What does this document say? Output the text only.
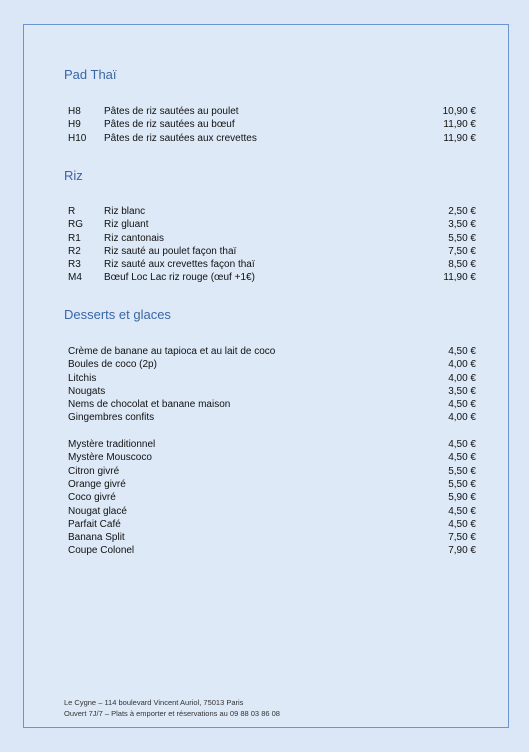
Pad Thaï
H8 Pâtes de riz sautées au poulet	10,90 €
H9 Pâtes de riz sautées au bœuf	11,90 €
H10 Pâtes de riz sautées aux crevettes	11,90 €
Riz
R	Riz blanc	2,50 €
RG Riz gluant	3,50 €
R1 Riz cantonais	5,50 €
R2 Riz sauté au poulet façon thaï	7,50 €
R3 Riz sauté aux crevettes façon thaï	8,50 €
M4 Bœuf Loc Lac riz rouge (œuf +1€)	11,90 €
Desserts et glaces
Crème de banane au tapioca et au lait de coco	4,50 €
Boules de coco (2p)	4,00 €
Litchis	4,00 €
Nougats	3,50 €
Nems de chocolat et banane maison	4,50 €
Gingembres confits	4,00 €
Mystère traditionnel	4,50 €
Mystère Mouscoco	4,50 €
Citron givré	5,50 €
Orange givré	5,50 €
Coco givré	5,90 €
Nougat glacé	4,50 €
Parfait Café	4,50 €
Banana Split	7,50 €
Coupe Colonel	7,90 €
Le Cygne – 114 boulevard Vincent Auriol, 75013 Paris
Ouvert 7J/7 – Plats à emporter et réservations au 09 88 03 86 08
